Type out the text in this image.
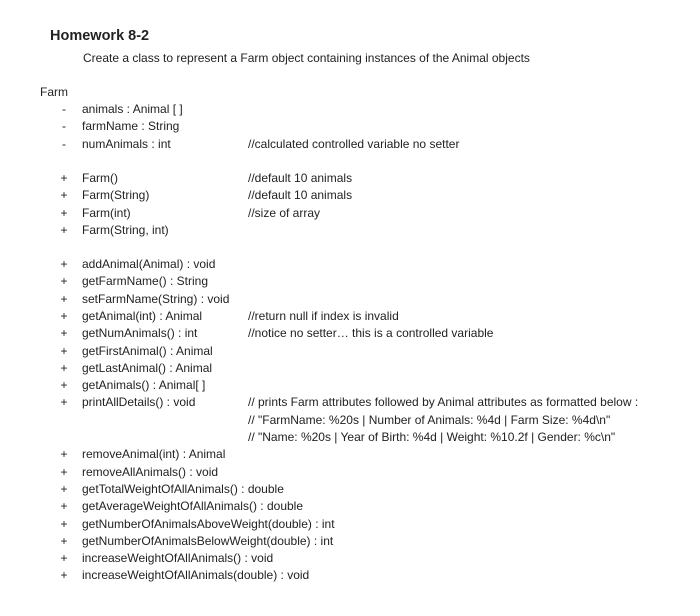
Homework 8-2
Create a class to represent a Farm object containing instances of the Animal objects
Farm
-	animals : Animal [ ]
-	farmName : String
-	numAnimals : int	//calculated controlled variable no setter
+ Farm()	//default 10 animals
+ Farm(String)	//default 10 animals
+ Farm(int)	//size of array
+ Farm(String, int)
+ addAnimal(Animal) : void
+ getFarmName() : String
+ setFarmName(String) : void
+ getAnimal(int) : Animal	//return null if index is invalid
+ getNumAnimals() : int	//notice no setter… this is a controlled variable
+ getFirstAnimal() : Animal
+ getLastAnimal() : Animal
+ getAnimals() : Animal[ ]
+ printAllDetails() : void	// prints Farm attributes followed by Animal attributes as formatted below :
// "FarmName: %20s | Number of Animals: %4d | Farm Size: %4d\n"
// "Name: %20s | Year of Birth: %4d | Weight: %10.2f | Gender: %c\n"
+ removeAnimal(int) : Animal
+ removeAllAnimals() : void
+ getTotalWeightOfAllAnimals() : double
+ getAverageWeightOfAllAnimals() : double
+ getNumberOfAnimalsAboveWeight(double) : int
+ getNumberOfAnimalsBelowWeight(double) : int
+ increaseWeightOfAllAnimals() : void
+ increaseWeightOfAllAnimals(double) : void
